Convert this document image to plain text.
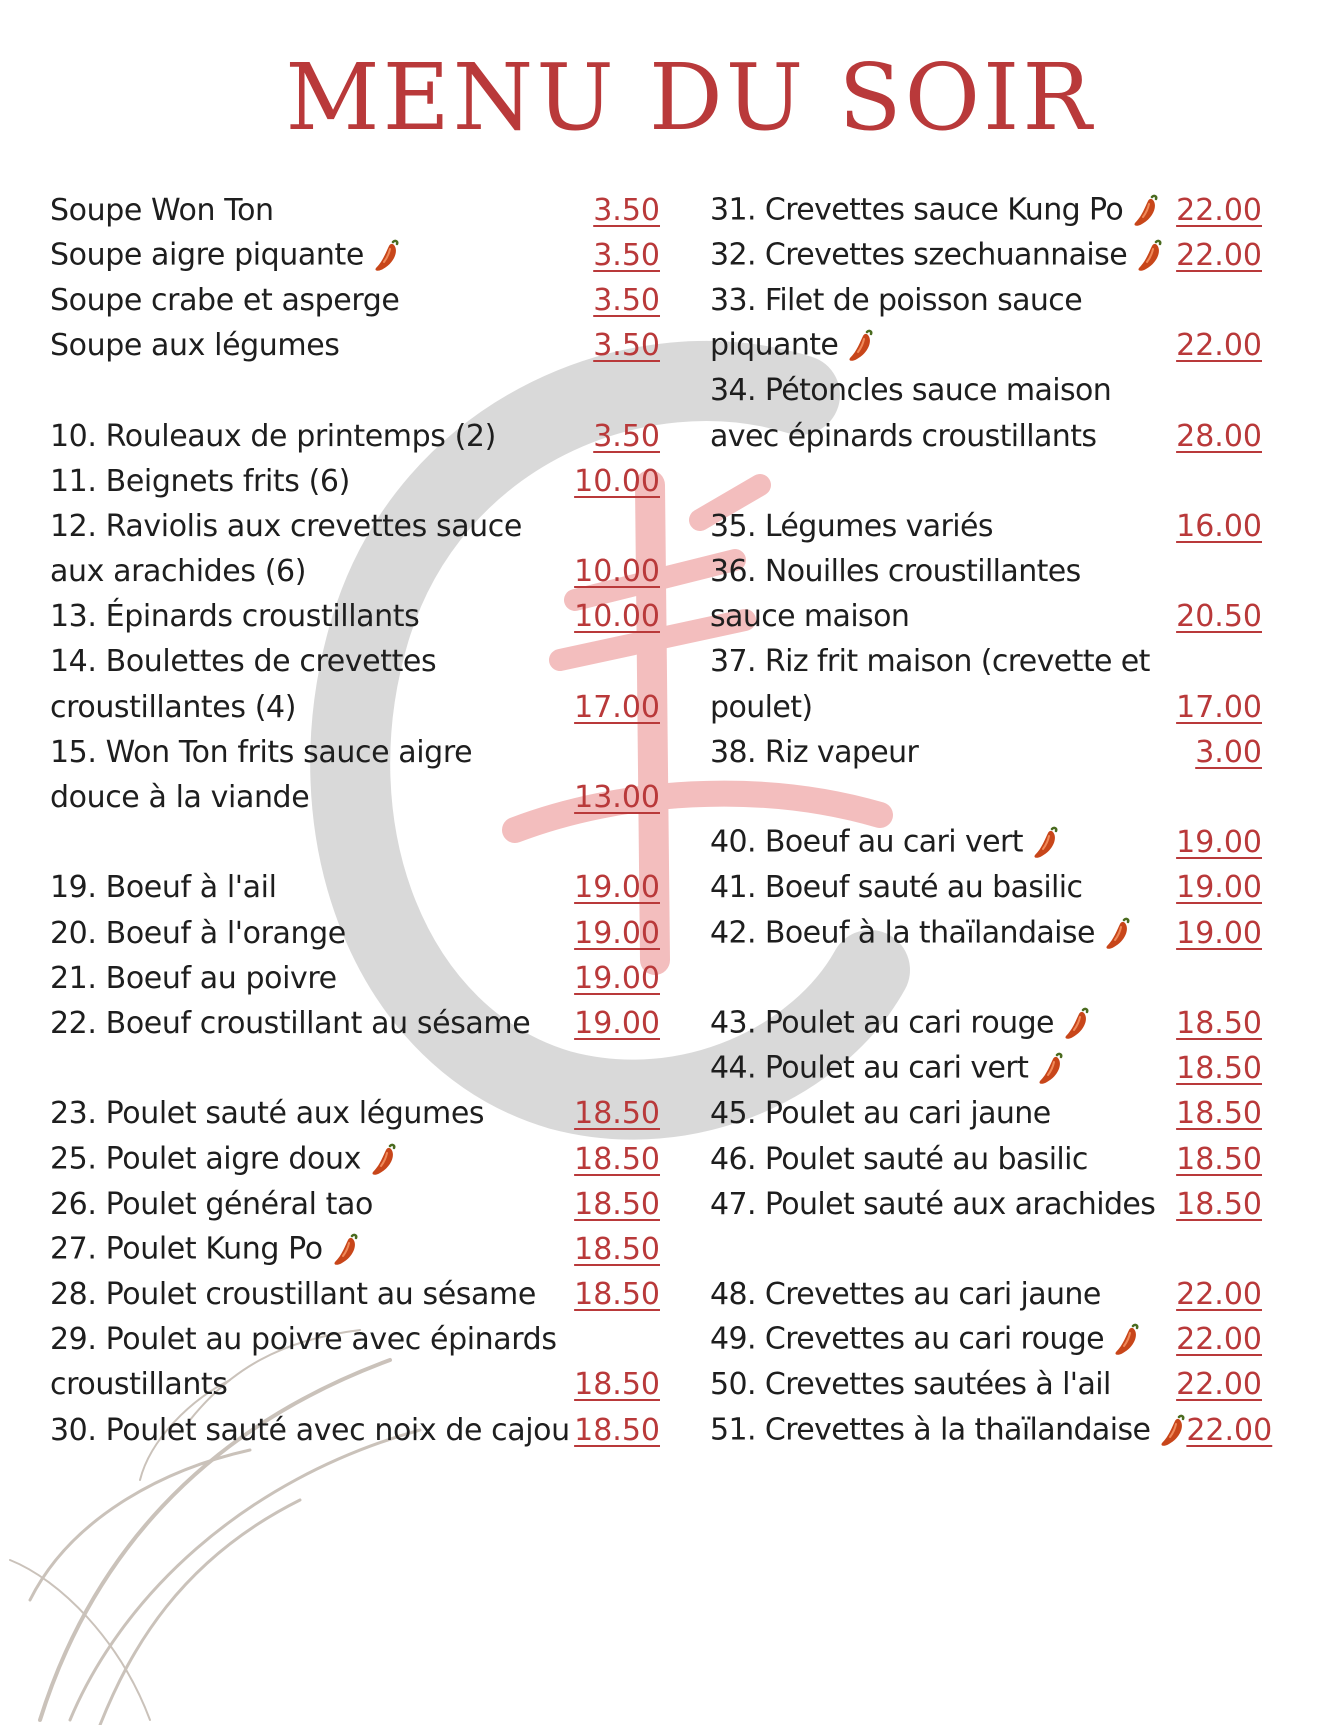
MENU DU SOIR
Soupe Won Ton	3.50
Soupe aigre piquante	3.50
Soupe crabe et asperge	3.50
Soupe aux légumes	3.50
10. Rouleaux de printemps (2)	3.50
11. Beignets frits (6)	10.00
12. Raviolis aux crevettes sauce
aux arachides (6)	10.00
13. Épinards croustillants	10.00
14. Boulettes de crevettes
croustillantes (4)	17.00
15. Won Ton frits sauce aigre
douce à la viande	13.00
19. Boeuf à l'ail	19.00
20. Boeuf à l'orange	19.00
21. Boeuf au poivre	19.00
22. Boeuf croustillant au sésame	19.00
23. Poulet sauté aux légumes	18.50
25. Poulet aigre doux	18.50
26. Poulet général tao	18.50
27. Poulet Kung Po	18.50
28. Poulet croustillant au sésame	18.50
29. Poulet au poivre avec épinards
croustillants	18.50
30. Poulet sauté avec noix de cajou 18.50
31. Crevettes sauce Kung Po	22.00
32. Crevettes szechuannaise	22.00
33. Filet de poisson sauce
piquante	22.00
34. Pétoncles sauce maison
avec épinards croustillants	28.00
35. Légumes variés	16.00
36. Nouilles croustillantes
sauce maison	20.50
37. Riz frit maison (crevette et
poulet)	17.00
38. Riz vapeur	3.00
40. Boeuf au cari vert	19.00
41. Boeuf sauté au basilic	19.00
42. Boeuf à la thaïlandaise	19.00
43. Poulet au cari rouge	18.50
44. Poulet au cari vert	18.50
45. Poulet au cari jaune	18.50
46. Poulet sauté au basilic	18.50
47. Poulet sauté aux arachides 18.50
48. Crevettes au cari jaune	22.00
49. Crevettes au cari rouge	22.00
50. Crevettes sautées à l'ail	22.00
51. Crevettes à la thaïlandaise	22.00
